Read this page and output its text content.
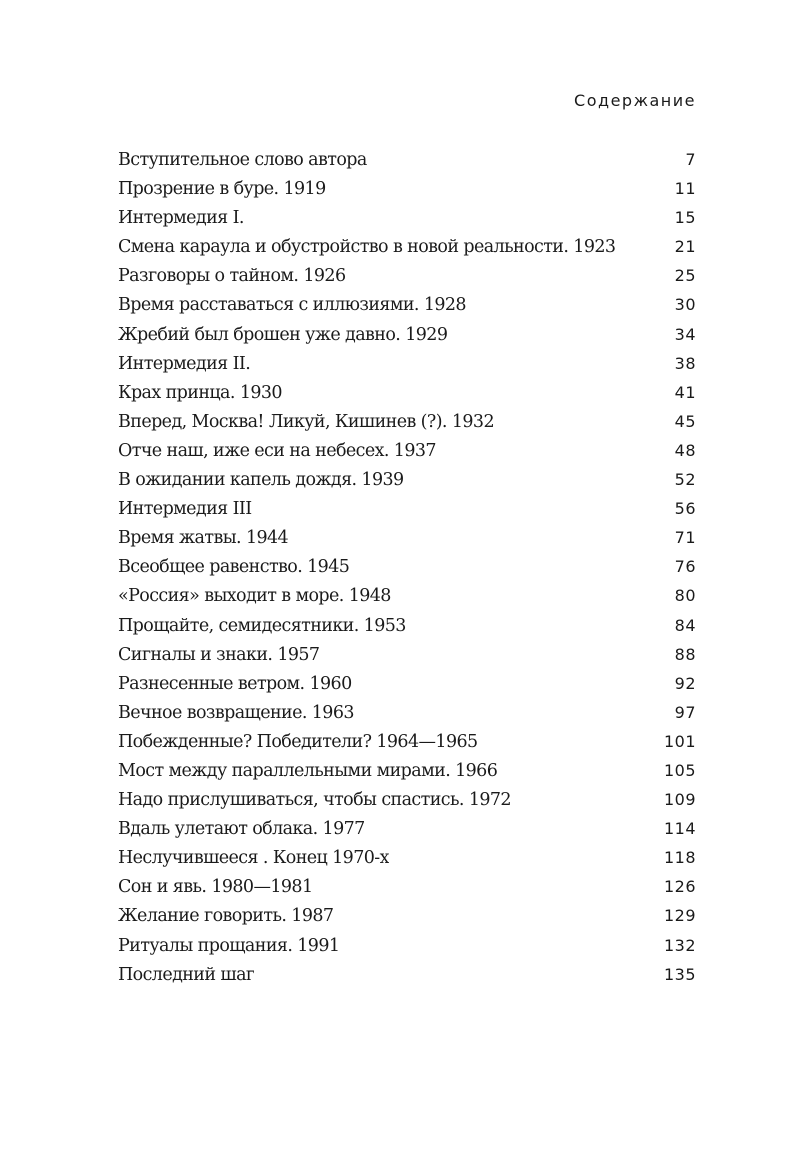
Содержание
Вступительное слово автора	7
Прозрение в буре. 1919	11
Интермедия I.	15
Смена караула и обустройство в новой реальности. 1923	21
Разговоры о тайном. 1926	25
Время расставаться с иллюзиями. 1928	30
Жребий был брошен уже давно. 1929	34
Интермедия II.	38
Крах принца. 1930	41
Вперед, Москва! Ликуй, Кишинев (?). 1932	45
Отче наш, иже еси на небесех. 1937	48
В ожидании капель дождя. 1939	52
Интермедия III	56
Время жатвы. 1944	71
Всеобщее равенство. 1945	76
«Россия» выходит в море. 1948	80
Прощайте, семидесятники. 1953	84
Сигналы и знаки. 1957	88
Разнесенные ветром. 1960	92
Вечное возвращение. 1963	97
Побежденные? Победители? 1964—1965	101
Мост между параллельными мирами. 1966	105
Надо прислушиваться, чтобы спастись. 1972	109
Вдаль улетают облака. 1977	114
Неслучившееся . Конец 1970-х	118
Сон и явь. 1980—1981	126
Желание говорить. 1987	129
Ритуалы прощания. 1991	132
Последний шаг	135
